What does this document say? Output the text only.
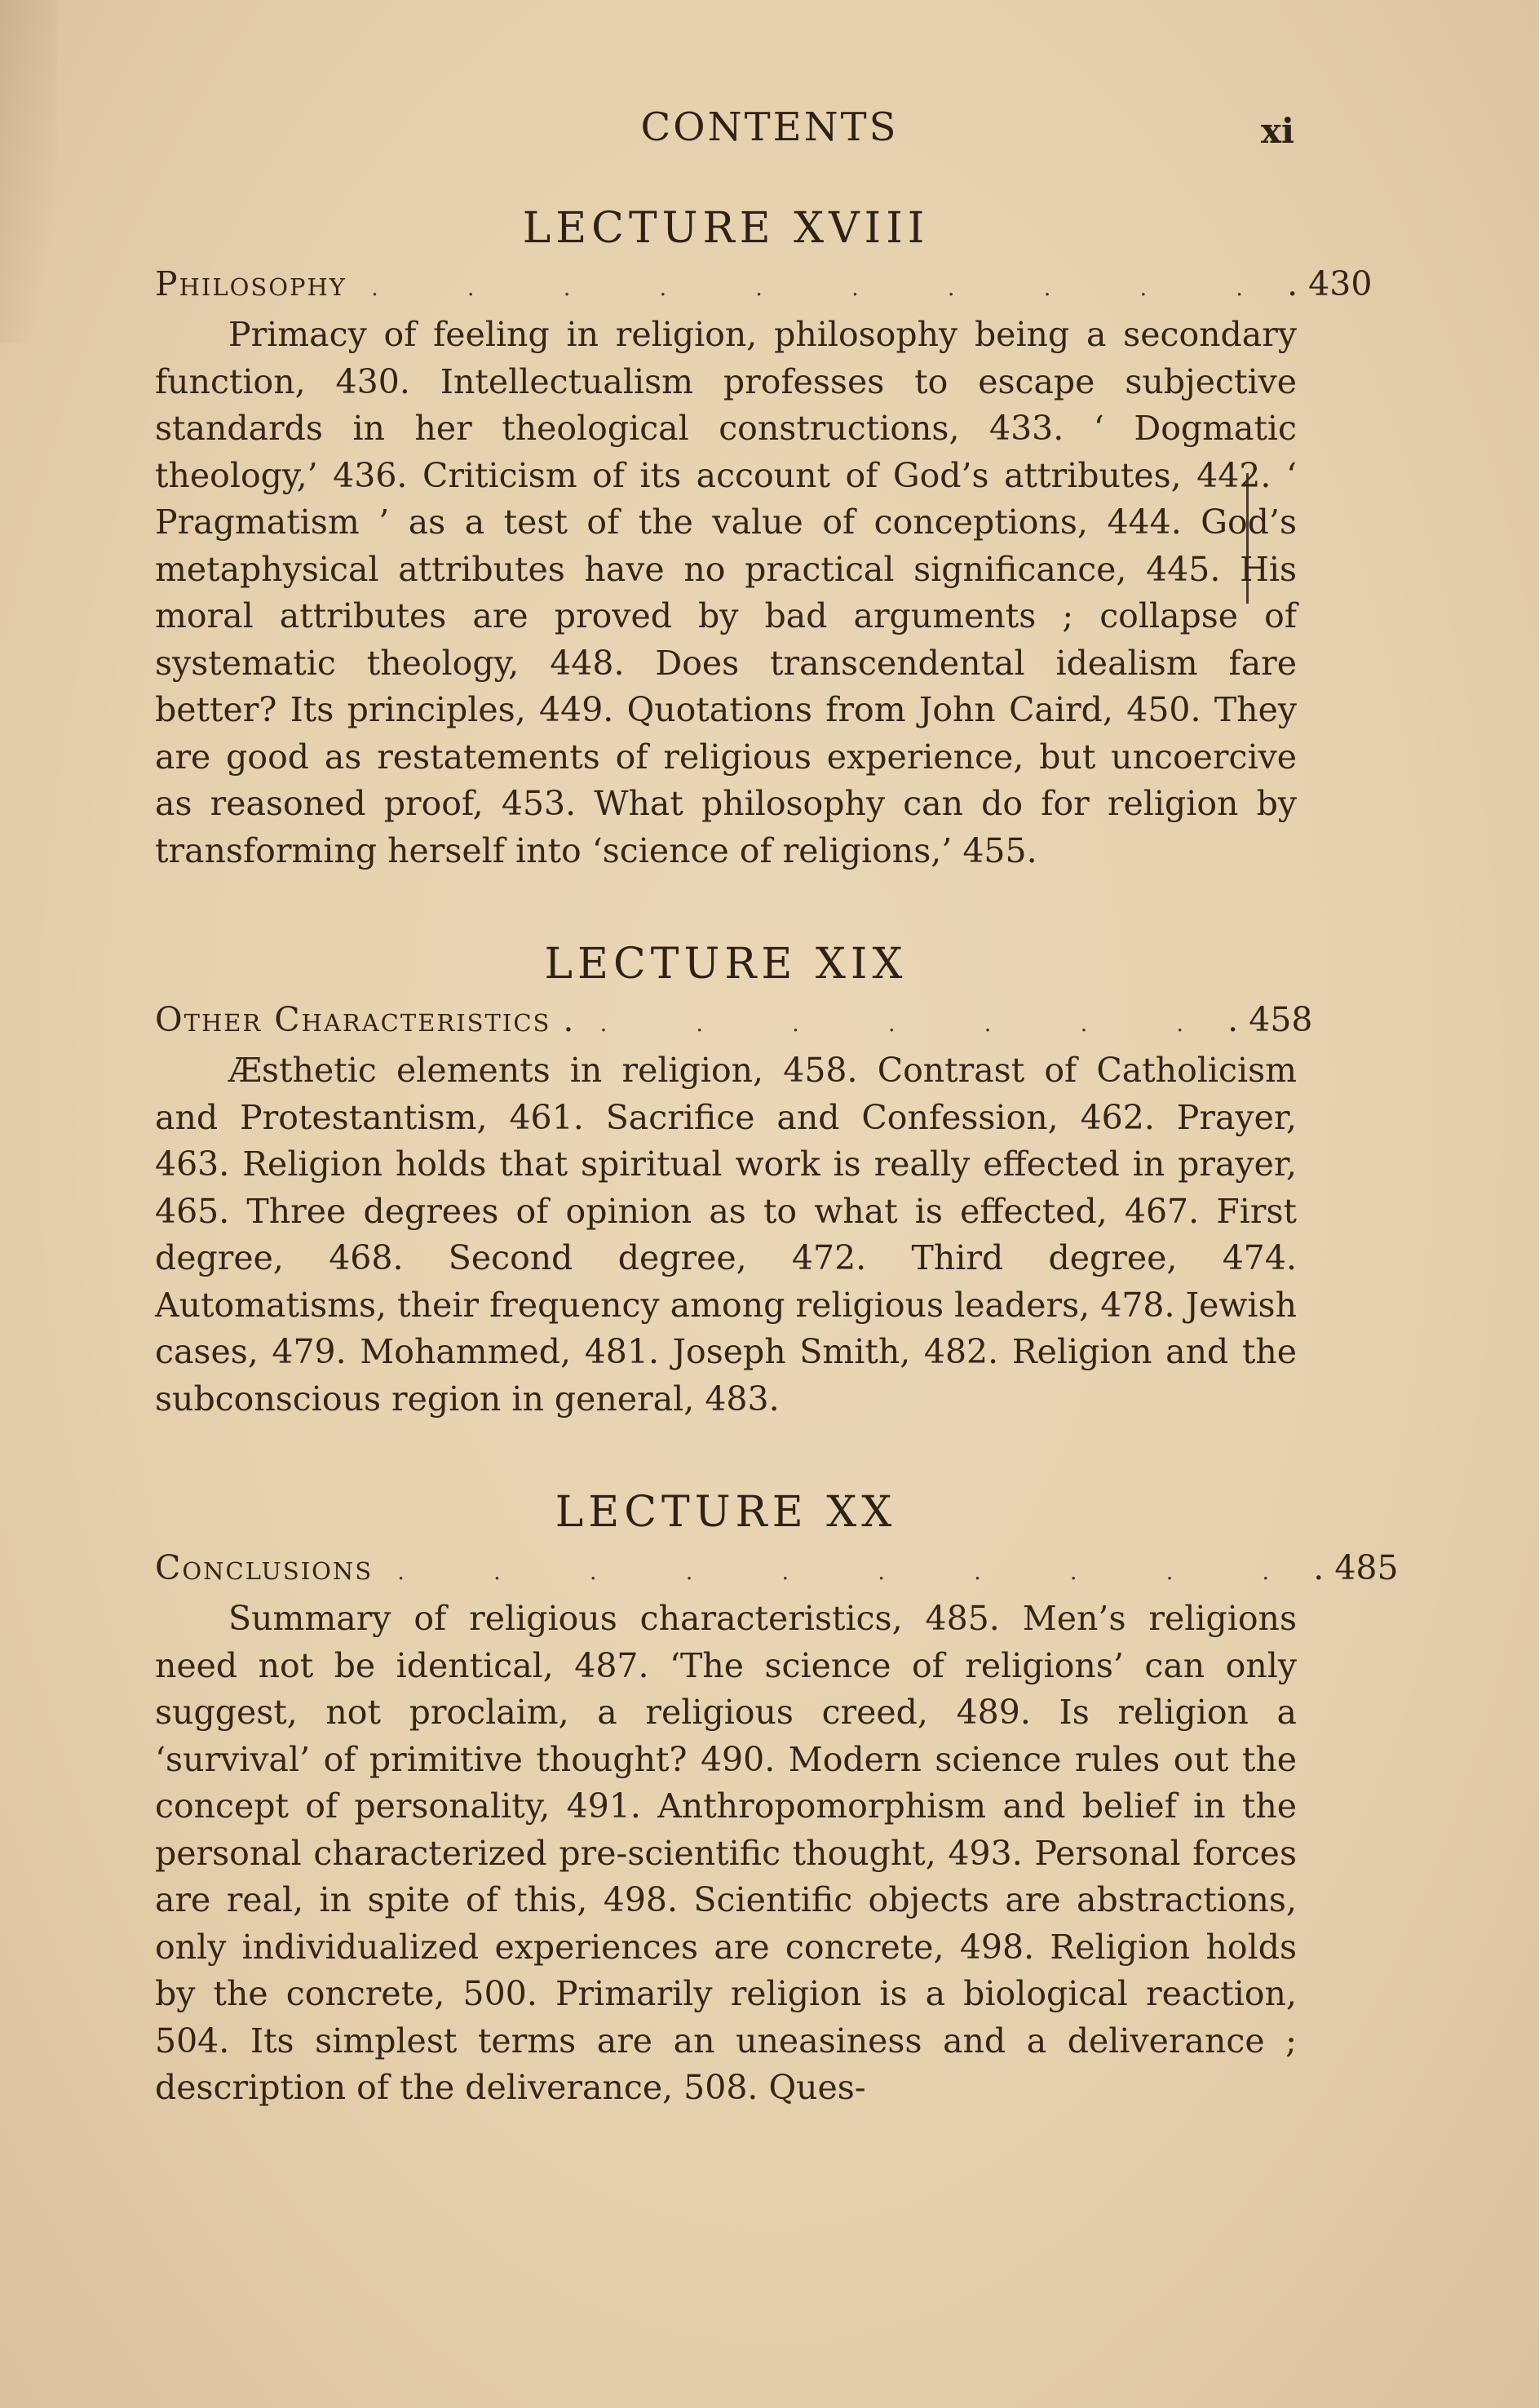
CONTENTS	xi
LECTURE XVIII
Philosophy	. . . . . . . . . . . 430

Primacy of feeling in religion, philosophy being a secondary function, 430. Intellectualism professes to escape subjective standards in her theological constructions, 433. ‘ Dogmatic theology,’ 436. Criticism of its account of God’s attributes, 442. ‘ Pragmatism ’ as a test of the value of conceptions, 444. God’s metaphysical attributes have no practical significance, 445. His moral attributes are proved by bad arguments ; collapse of systematic theology, 448. Does transcendental idealism fare better? Its principles, 449. Quotations from John Caird, 450. They are good as restatements of religious experience, but uncoercive as reasoned proof, 453. What philosophy can do for religion by transforming herself into ‘science of religions,’ 455.

LECTURE XIX
Other Characteristics .	. . . . . . . . 458

Æsthetic elements in religion, 458. Contrast of Catholicism and Protestantism, 461. Sacrifice and Confession, 462. Prayer, 463. Religion holds that spiritual work is really effected in prayer, 465. Three degrees of opinion as to what is effected, 467. First degree, 468. Second degree, 472. Third degree, 474. Automatisms, their frequency among religious leaders, 478. Jewish cases, 479. Mohammed, 481. Joseph Smith, 482. Religion and the subconscious region in general, 483.

LECTURE XX
Conclusions	. . . . . . . . . . . 485

Summary of religious characteristics, 485. Men’s religions need not be identical, 487. ‘The science of religions’ can only suggest, not proclaim, a religious creed, 489. Is religion a ‘survival’ of primitive thought? 490. Modern science rules out the concept of personality, 491. Anthropomorphism and belief in the personal characterized pre-scientific thought, 493. Personal forces are real, in spite of this, 498. Scientific objects are abstractions, only individualized experiences are concrete, 498. Religion holds by the concrete, 500. Primarily religion is a biological reaction, 504. Its simplest terms are an uneasiness and a deliverance ; description of the deliverance, 508. Ques-
